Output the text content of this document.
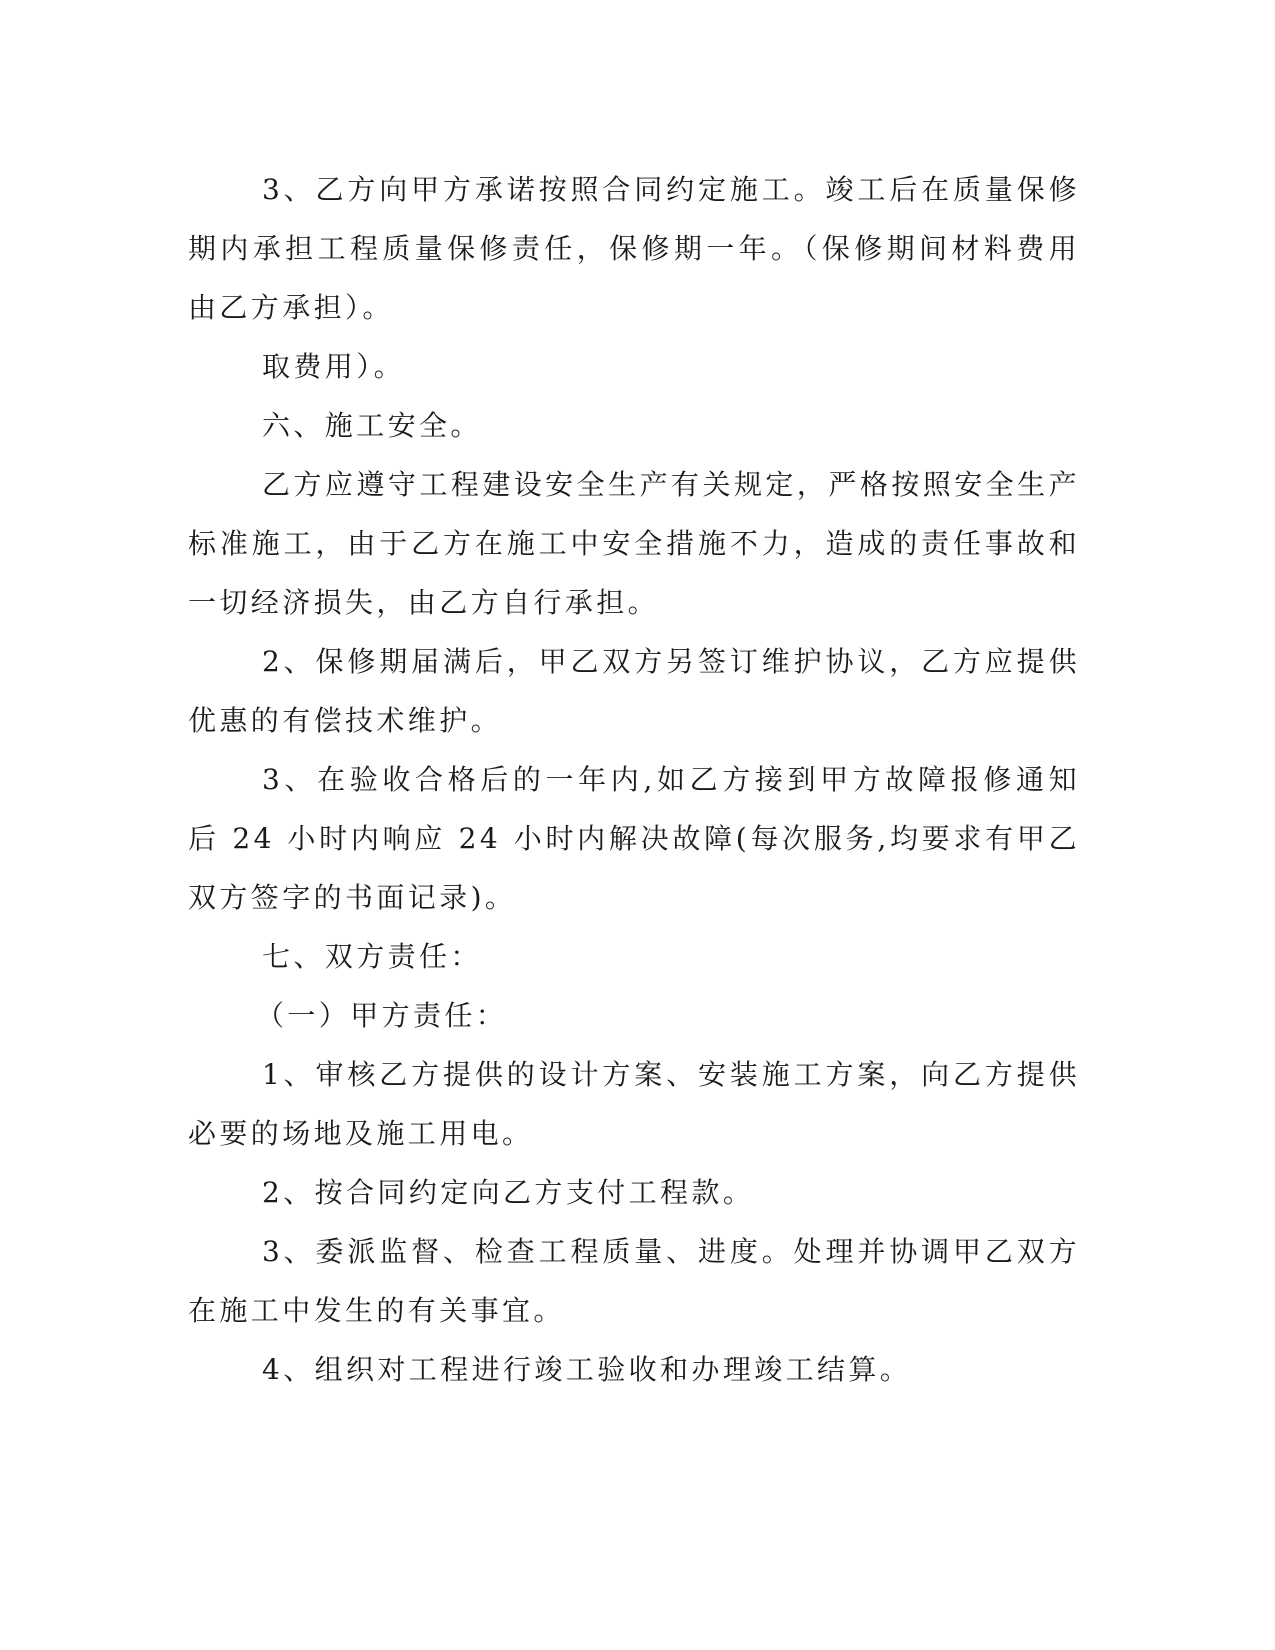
3、乙方向甲方承诺按照合同约定施工。竣工后在质量保修期内承担工程质量保修责任，保修期一年。（保修期间材料费用由乙方承担）。

取费用）。

六、施工安全。

乙方应遵守工程建设安全生产有关规定，严格按照安全生产标准施工，由于乙方在施工中安全措施不力，造成的责任事故和一切经济损失，由乙方自行承担。

2、保修期届满后，甲乙双方另签订维护协议，乙方应提供优惠的有偿技术维护。

3、在验收合格后的一年内,如乙方接到甲方故障报修通知后 24 小时内响应 24 小时内解决故障(每次服务,均要求有甲乙双方签字的书面记录)。

七、双方责任：

（一）甲方责任：

1、审核乙方提供的设计方案、安装施工方案，向乙方提供必要的场地及施工用电。

2、按合同约定向乙方支付工程款。

3、委派监督、检查工程质量、进度。处理并协调甲乙双方在施工中发生的有关事宜。

4、组织对工程进行竣工验收和办理竣工结算。
